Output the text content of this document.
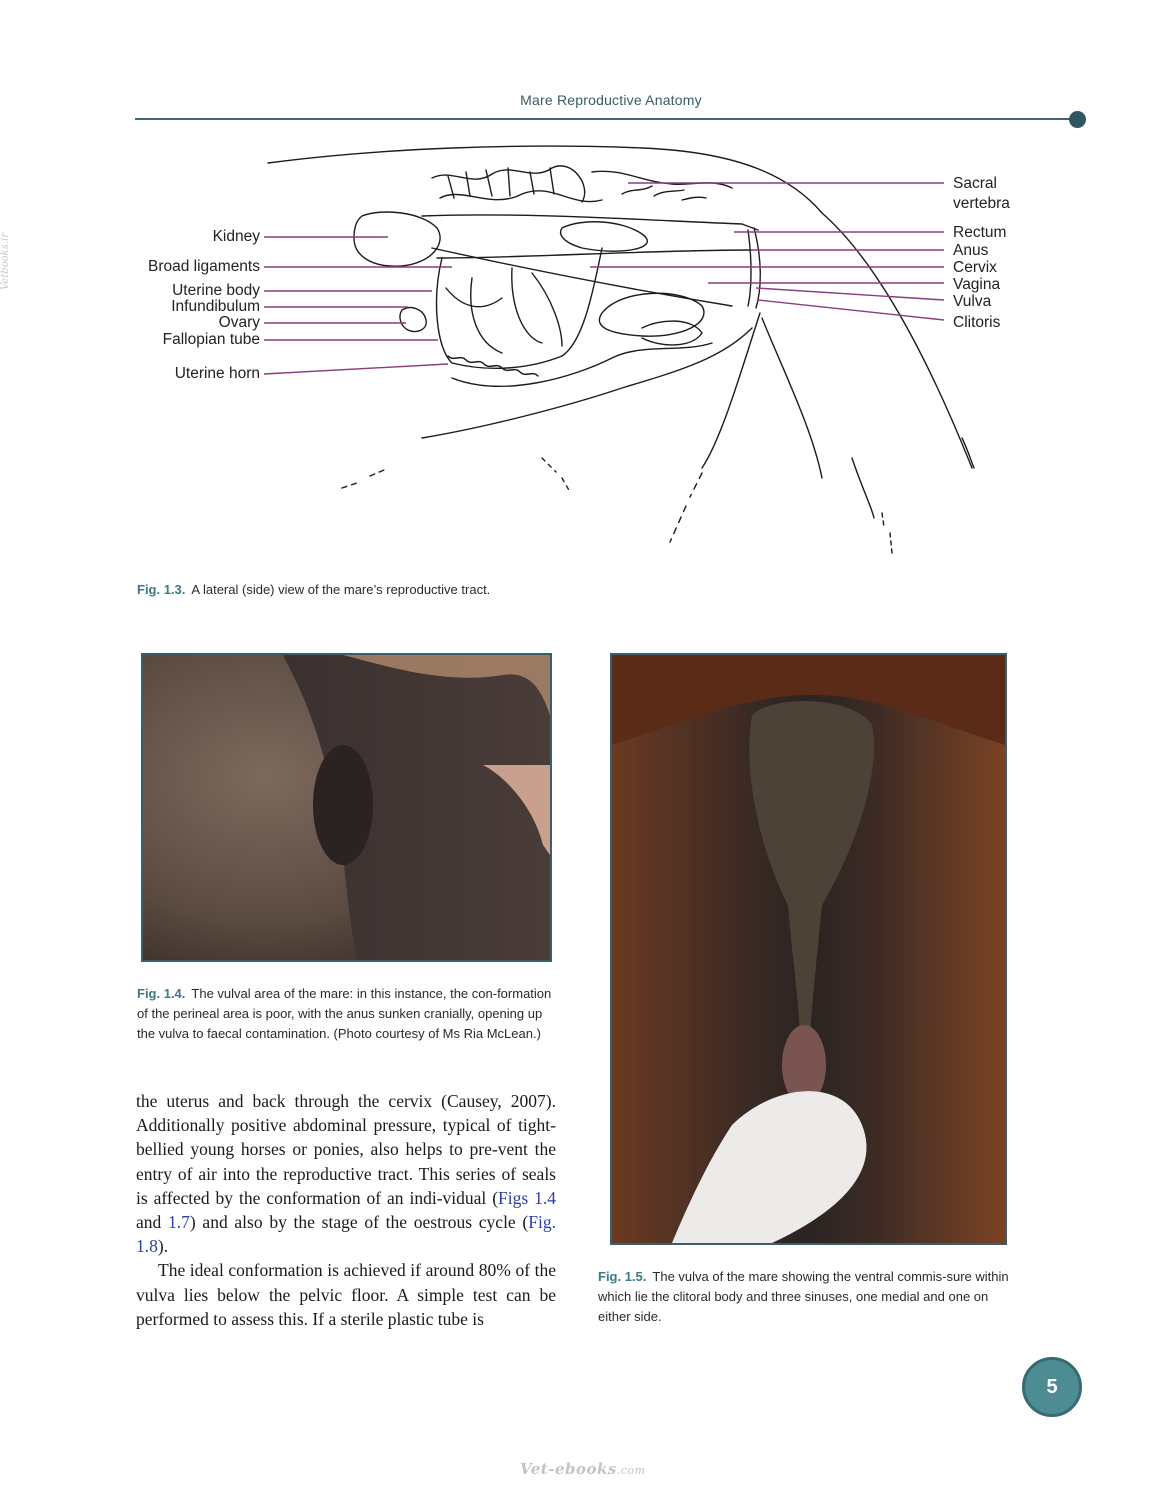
Mare Reproductive Anatomy
Vetbooks.ir	Kidney
Broad ligaments
Uterine body
Infundibulum
Ovary
Fallopian tube
Uterine horn
Sacral
vertebra
Rectum
Anus
Cervix
Vagina
Vulva
Clitoris
Fig. 1.3. A lateral (side) view of the mare’s reproductive tract.
Fig. 1.4. The vulval area of the mare: in this instance, the con-formation of the perineal area is poor, with the anus sunken cranially, opening up the vulva to faecal contamination. (Photo courtesy of Ms Ria McLean.)
Fig. 1.5. The vulva of the mare showing the ventral commis-sure within which lie the clitoral body and three sinuses, one medial and one on either side.

the uterus and back through the cervix (Causey, 2007). Additionally positive abdominal pressure, typical of tight-bellied young horses or ponies, also helps to pre-vent the entry of air into the reproductive tract. This series of seals is affected by the conformation of an indi-vidual (Figs 1.4 and 1.7) and also by the stage of the oestrous cycle (Fig. 1.8).

The ideal conformation is achieved if around 80% of the vulva lies below the pelvic floor. A simple test can be performed to assess this. If a sterile plastic tube is

5
Vet-ebooks.com
